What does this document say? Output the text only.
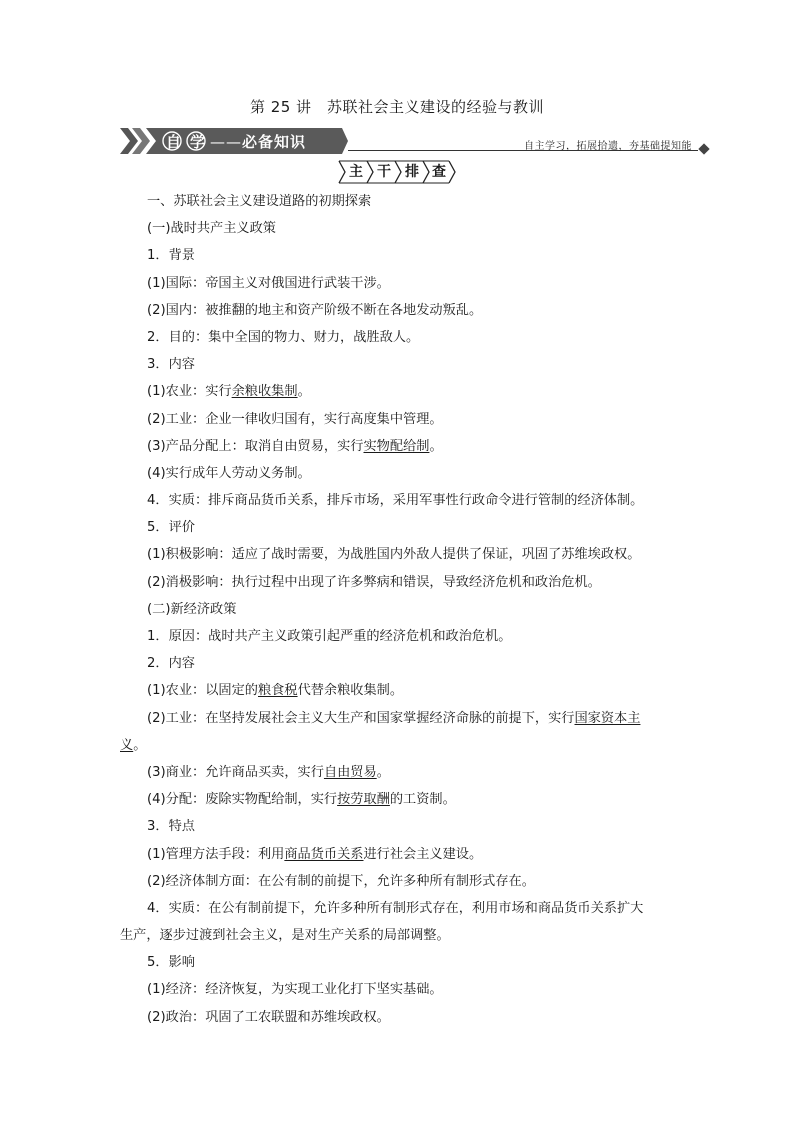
第 25 讲　苏联社会主义建设的经验与教训
自 学 ——必备知识	自主学习，拓展拾遗，夯基础提知能
主	干	排 查
一、苏联社会主义建设道路的初期探索
(一)战时共产主义政策
1．背景
(1)国际：帝国主义对俄国进行武装干涉。
(2)国内：被推翻的地主和资产阶级不断在各地发动叛乱。
2．目的：集中全国的物力、财力，战胜敌人。
3．内容
(1)农业：实行余粮收集制。
(2)工业：企业一律收归国有，实行高度集中管理。
(3)产品分配上：取消自由贸易，实行实物配给制。
(4)实行成年人劳动义务制。
4．实质：排斥商品货币关系，排斥市场，采用军事性行政命令进行管制的经济体制。
5．评价
(1)积极影响：适应了战时需要，为战胜国内外敌人提供了保证，巩固了苏维埃政权。
(2)消极影响：执行过程中出现了许多弊病和错误，导致经济危机和政治危机。
(二)新经济政策
1．原因：战时共产主义政策引起严重的经济危机和政治危机。
2．内容
(1)农业：以固定的粮食税代替余粮收集制。
(2)工业：在坚持发展社会主义大生产和国家掌握经济命脉的前提下，实行国家资本主
义。
(3)商业：允许商品买卖，实行自由贸易。
(4)分配：废除实物配给制，实行按劳取酬的工资制。
3．特点
(1)管理方法手段：利用商品货币关系进行社会主义建设。
(2)经济体制方面：在公有制的前提下，允许多种所有制形式存在。
4．实质：在公有制前提下，允许多种所有制形式存在，利用市场和商品货币关系扩大
生产，逐步过渡到社会主义，是对生产关系的局部调整。
5．影响
(1)经济：经济恢复，为实现工业化打下坚实基础。
(2)政治：巩固了工农联盟和苏维埃政权。
